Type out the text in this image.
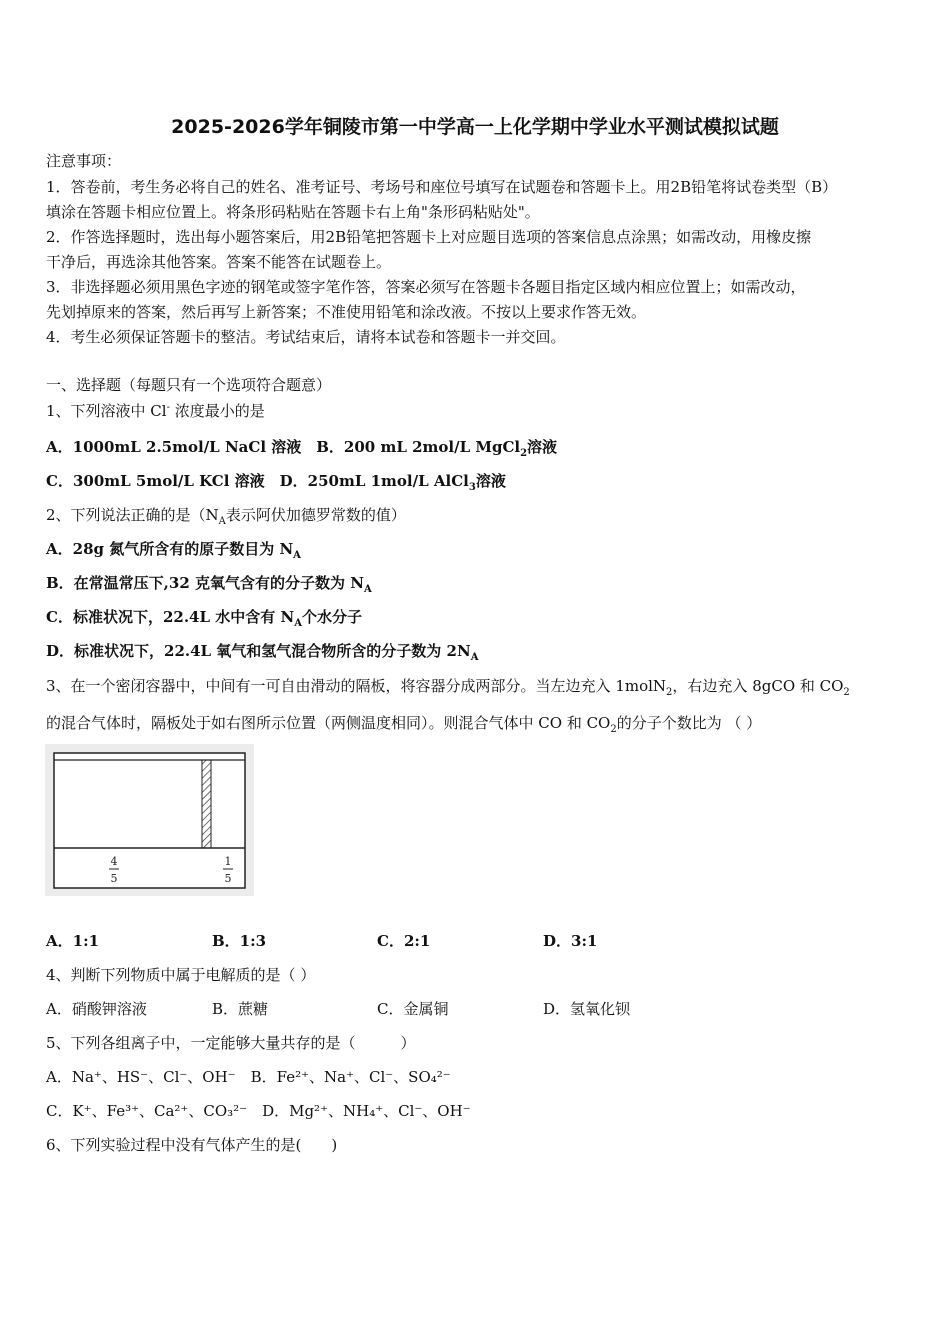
2025-2026学年铜陵市第一中学高一上化学期中学业水平测试模拟试题
注意事项：
1．答卷前，考生务必将自己的姓名、准考证号、考场号和座位号填写在试题卷和答题卡上。用2B铅笔将试卷类型（B）
填涂在答题卡相应位置上。将条形码粘贴在答题卡右上角"条形码粘贴处"。
2．作答选择题时，选出每小题答案后，用2B铅笔把答题卡上对应题目选项的答案信息点涂黑；如需改动，用橡皮擦
干净后，再选涂其他答案。答案不能答在试题卷上。
3．非选择题必须用黑色字迹的钢笔或签字笔作答，答案必须写在答题卡各题目指定区域内相应位置上；如需改动，
先划掉原来的答案，然后再写上新答案；不准使用铅笔和涂改液。不按以上要求作答无效。
4．考生必须保证答题卡的整洁。考试结束后，请将本试卷和答题卡一并交回。
一、选择题（每题只有一个选项符合题意）
1、下列溶液中 Cl- 浓度最小的是
A．1000mL 2.5mol/L NaCl 溶液　B．200 mL 2mol/L MgCl$_2$溶液
C．300mL 5mol/L KCl 溶液　D．250mL 1mol/L AlCl$_3$溶液
2、下列说法正确的是（$N_A$表示阿伏加德罗常数的值）
A．28g 氮气所含有的原子数目为 $N_A$
B．在常温常压下,32 克氧气含有的分子数为 $N_A$
C．标准状况下，22.4L 水中含有 $N_A$个水分子
D．标准状况下，22.4L 氧气和氢气混合物所含的分子数为 $2N_A$
3、在一个密闭容器中，中间有一可自由滑动的隔板，将容器分成两部分。当左边充入 1molN$_2$，右边充入 8gCO 和 $CO_2$
的混合气体时，隔板处于如右图所示位置（两侧温度相同）。则混合气体中 CO 和 $CO_2$的分子个数比为 （ ）
4
5
1
5
A．1:1	B．1:3	C．2:1	D．3:1
4、判断下列物质中属于电解质的是（ ）
A．硝酸钾溶液	B．蔗糖	C．金属铜	D．氢氧化钡
5、下列各组离子中，一定能够大量共存的是（　　　）
A．Na⁺、HS⁻、Cl⁻、OH⁻　B．Fe²⁺、Na⁺、Cl⁻、SO₄²⁻
C．K⁺、Fe³⁺、Ca²⁺、CO₃²⁻　D．Mg²⁺、NH₄⁺、Cl⁻、OH⁻
6、下列实验过程中没有气体产生的是(　　)
